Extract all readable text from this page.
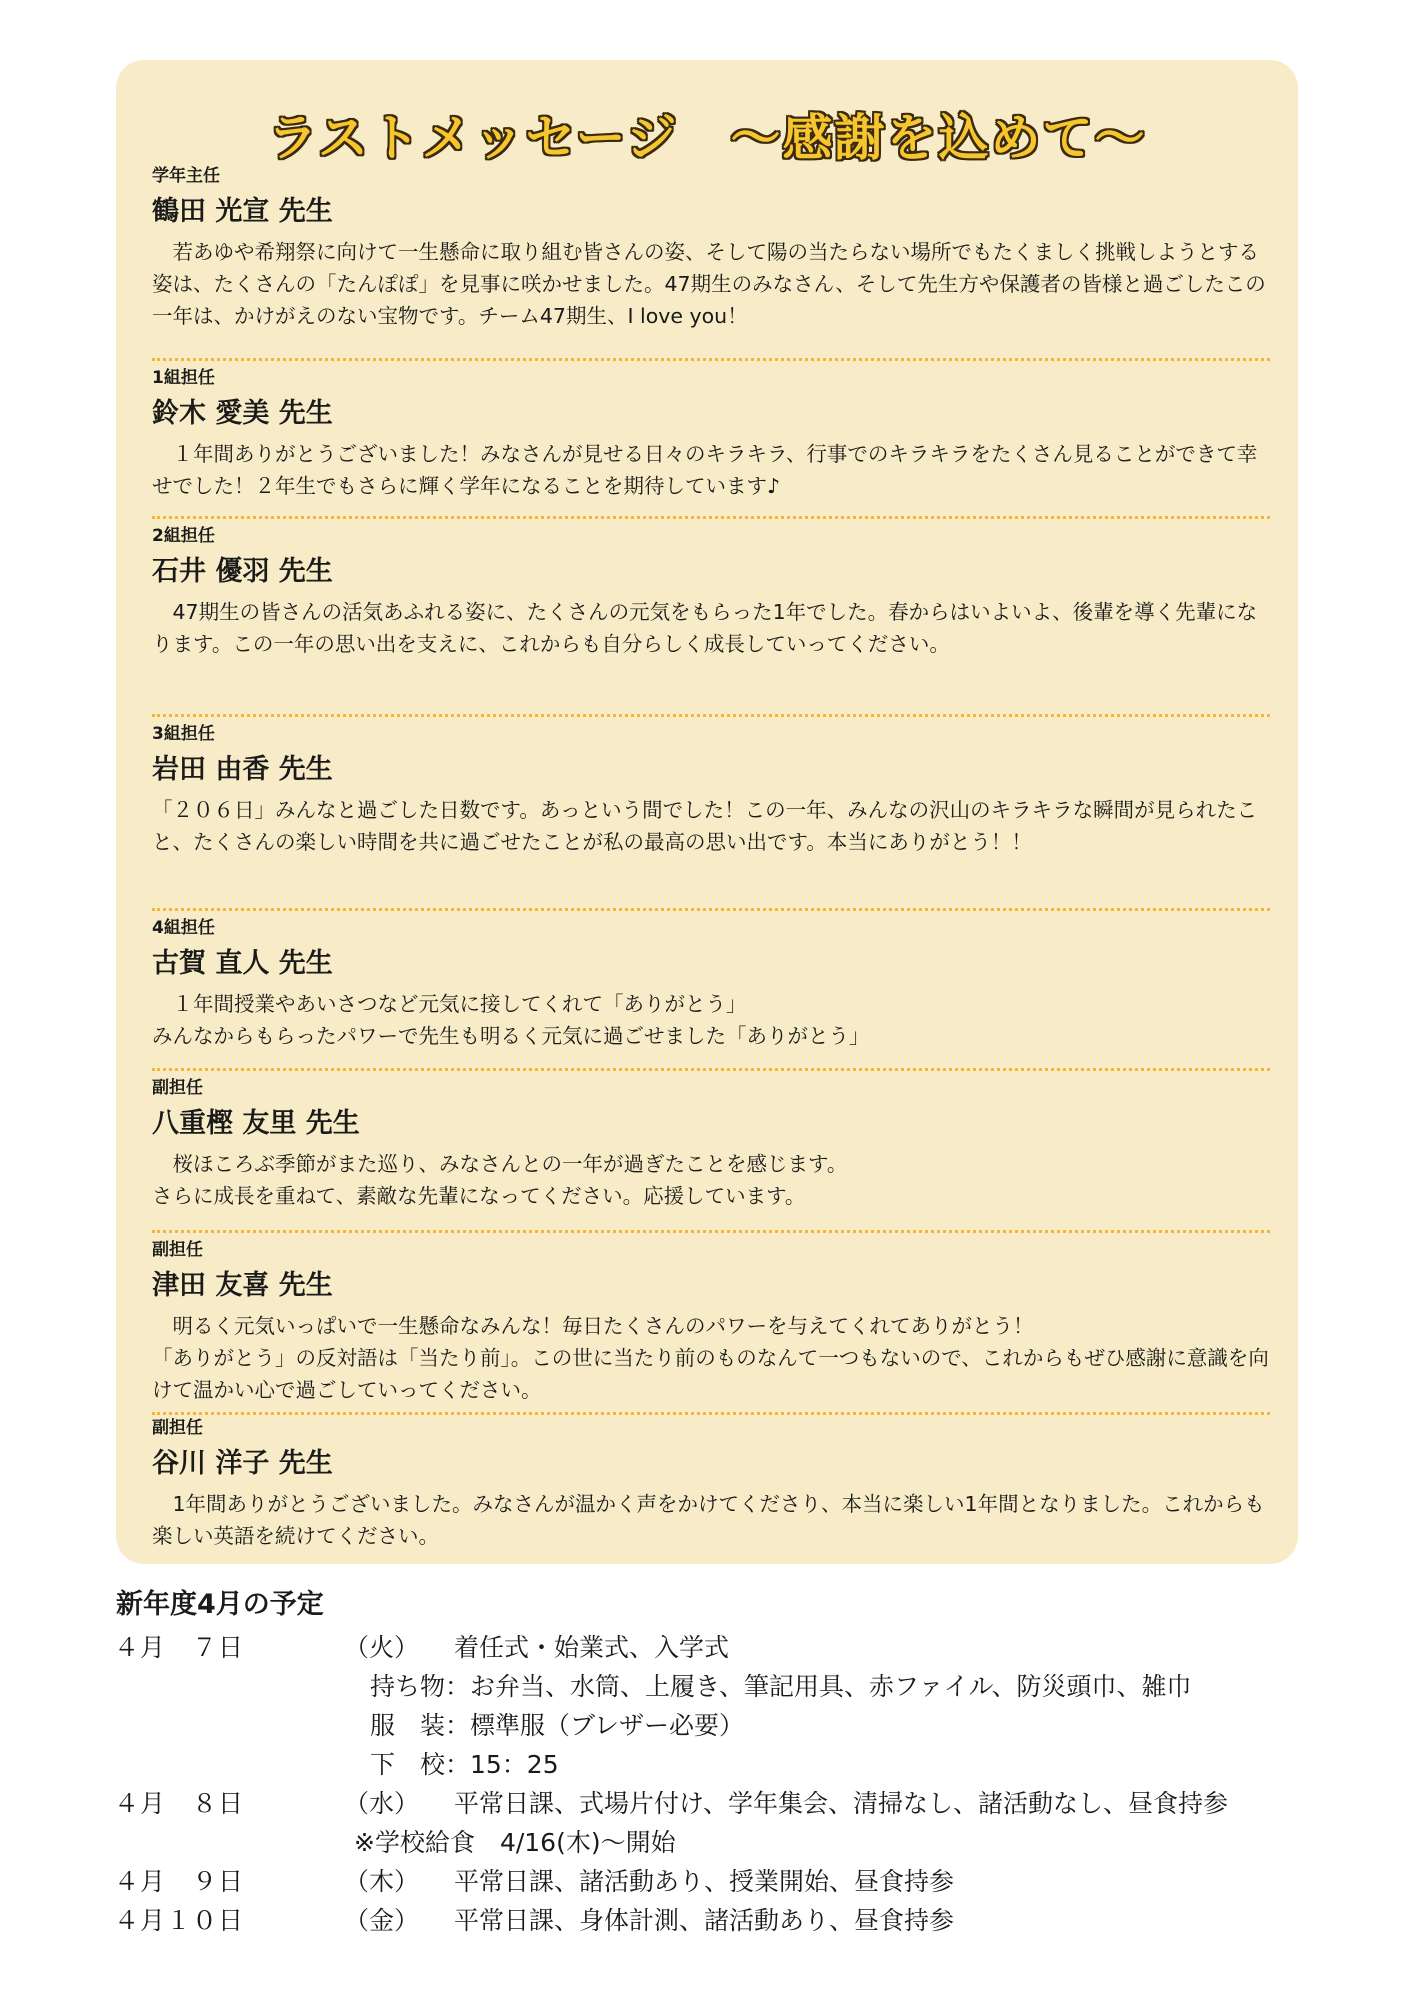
ラストメッセージ　～感謝を込めて～
学年主任
鶴田 光宣 先生
　若あゆや希翔祭に向けて一生懸命に取り組む皆さんの姿、そして陽の当たらない場所でもたくましく挑戦しようとする姿は、たくさんの「たんぽぽ」を見事に咲かせました。47期生のみなさん、そして先生方や保護者の皆様と過ごしたこの一年は、かけがえのない宝物です。チーム47期生、I love you！
1組担任
鈴木 愛美 先生
　１年間ありがとうございました！みなさんが見せる日々のキラキラ、行事でのキラキラをたくさん見ることができて幸せでした！２年生でもさらに輝く学年になることを期待しています♪
2組担任
石井 優羽 先生
　47期生の皆さんの活気あふれる姿に、たくさんの元気をもらった1年でした。春からはいよいよ、後輩を導く先輩になります。この一年の思い出を支えに、これからも自分らしく成長していってください。
3組担任
岩田 由香 先生
「２０６日」みんなと過ごした日数です。あっという間でした！この一年、みんなの沢山のキラキラな瞬間が見られたこと、たくさんの楽しい時間を共に過ごせたことが私の最高の思い出です。本当にありがとう！！
4組担任
古賀 直人 先生
　１年間授業やあいさつなど元気に接してくれて「ありがとう」
みんなからもらったパワーで先生も明るく元気に過ごせました「ありがとう」
副担任
八重樫 友里 先生
　桜ほころぶ季節がまた巡り、みなさんとの一年が過ぎたことを感じます。
さらに成長を重ねて、素敵な先輩になってください。応援しています。
副担任
津田 友喜 先生
　明るく元気いっぱいで一生懸命なみんな！毎日たくさんのパワーを与えてくれてありがとう！
「ありがとう」の反対語は「当たり前」。この世に当たり前のものなんて一つもないので、これからもぜひ感謝に意識を向けて温かい心で過ごしていってください。
副担任
谷川 洋子 先生
　1年間ありがとうございました。みなさんが温かく声をかけてくださり、本当に楽しい1年間となりました。これからも楽しい英語を続けてください。
新年度4月の予定
４月　７日	（火）	着任式・始業式、入学式
持ち物：お弁当、水筒、上履き、筆記用具、赤ファイル、防災頭巾、雑巾
服　装：標準服（ブレザー必要）
下　校：15：25
４月　８日	（水）	平常日課、式場片付け、学年集会、清掃なし、諸活動なし、昼食持参
※学校給食　4/16(木)～開始
４月　９日	（木）	平常日課、諸活動あり、授業開始、昼食持参
４月１０日	（金）	平常日課、身体計測、諸活動あり、昼食持参
